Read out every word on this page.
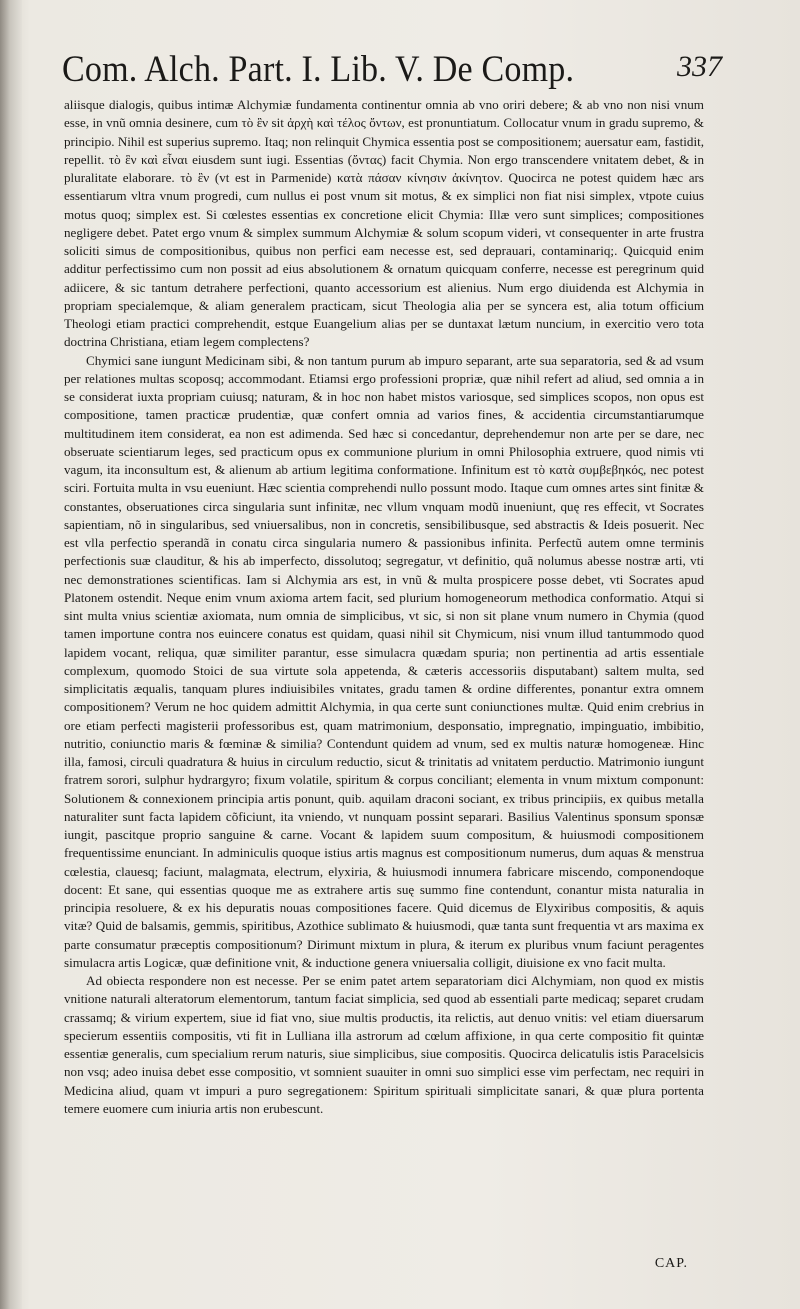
Com. Alch. Part. I. Lib. V. De Comp.	337

aliisque dialogis, quibus intimæ Alchymiæ fundamenta continentur omnia ab vno oriri debere; & ab vno non nisi vnum esse, in vnũ omnia desinere, cum τὸ ἓν sit ἀρχὴ καὶ τέλος ὄντων, est pronuntiatum. Collocatur vnum in gradu supremo, & principio. Nihil est superius supremo. Itaq; non relinquit Chymica essentia post se compositionem; auersatur eam, fastidit, repellit. τὸ ἓν καὶ εἶναι eiusdem sunt iugi. Essentias (ὄντας) facit Chymia. Non ergo transcendere vnitatem debet, & in pluralitate elaborare. τὸ ἓν (vt est in Parmenide) κατὰ πάσαν κίνησιν ἀκίνητον. Quocirca ne potest quidem hæc ars essentiarum vltra vnum progredi, cum nullus ei post vnum sit motus, & ex simplici non fiat nisi simplex, vtpote cuius motus quoq; simplex est. Si cœlestes essentias ex concretione elicit Chymia: Illæ vero sunt simplices; compositiones negligere debet. Patet ergo vnum & simplex summum Alchymiæ & solum scopum videri, vt consequenter in arte frustra soliciti simus de compositionibus, quibus non perfici eam necesse est, sed deprauari, contaminariq;. Quicquid enim additur perfectissimo cum non possit ad eius absolutionem & ornatum quicquam conferre, necesse est peregrinum quid adiicere, & sic tantum detrahere perfectioni, quanto accessorium est alienius. Num ergo diuidenda est Alchymia in propriam specialemque, & aliam generalem practicam, sicut Theologia alia per se syncera est, alia totum officium Theologi etiam practici comprehendit, estque Euangelium alias per se duntaxat lætum nuncium, in exercitio vero tota doctrina Christiana, etiam legem complectens?

Chymici sane iungunt Medicinam sibi, & non tantum purum ab impuro separant, arte sua separatoria, sed & ad vsum per relationes multas scoposq; accommodant. Etiamsi ergo professioni propriæ, quæ nihil refert ad aliud, sed omnia a in se considerat iuxta propriam cuiusq; naturam, & in hoc non habet mistos variosque, sed simplices scopos, non opus est compositione, tamen practicæ prudentiæ, quæ confert omnia ad varios fines, & accidentia circumstantiarumque multitudinem item considerat, ea non est adimenda. Sed hæc si concedantur, deprehendemur non arte per se dare, nec obseruate scientiarum leges, sed practicum opus ex communione plurium in omni Philosophia extruere, quod nimis vti vagum, ita inconsultum est, & alienum ab artium legitima conformatione. Infinitum est τὸ κατὰ συμβεβηκός, nec potest sciri. Fortuita multa in vsu eueniunt. Hæc scientia comprehendi nullo possunt modo. Itaque cum omnes artes sint finitæ & constantes, obseruationes circa singularia sunt infinitæ, nec vllum vnquam modũ inueniunt, quę res effecit, vt Socrates sapientiam, nõ in singularibus, sed vniuersalibus, non in concretis, sensibilibusque, sed abstractis & Ideis posuerit. Nec est vlla perfectio sperandã in conatu circa singularia numero & passionibus infinita. Perfectũ autem omne terminis perfectionis suæ clauditur, & his ab imperfecto, dissolutoq; segregatur, vt definitio, quã nolumus abesse nostræ arti, vti nec demonstrationes scientificas. Iam si Alchymia ars est, in vnũ & multa prospicere posse debet, vti Socrates apud Platonem ostendit. Neque enim vnum axioma artem facit, sed plurium homogeneorum methodica conformatio. Atqui si sint multa vnius scientiæ axiomata, num omnia de simplicibus, vt sic, si non sit plane vnum numero in Chymia (quod tamen importune contra nos euincere conatus est quidam, quasi nihil sit Chymicum, nisi vnum illud tantummodo quod lapidem vocant, reliqua, quæ similiter parantur, esse simulacra quædam spuria; non pertinentia ad artis essentiale complexum, quomodo Stoici de sua virtute sola appetenda, & cæteris accessoriis disputabant) saltem multa, sed simplicitatis æqualis, tanquam plures indiuisibiles vnitates, gradu tamen & ordine differentes, ponantur extra omnem compositionem? Verum ne hoc quidem admittit Alchymia, in qua certe sunt coniunctiones multæ. Quid enim crebrius in ore etiam perfecti magisterii professoribus est, quam matrimonium, desponsatio, impregnatio, impinguatio, imbibitio, nutritio, coniunctio maris & fœminæ & similia? Contendunt quidem ad vnum, sed ex multis naturæ homogeneæ. Hinc illa, famosi, circuli quadratura & huius in circulum reductio, sicut & trinitatis ad vnitatem perductio. Matrimonio iungunt fratrem sorori, sulphur hydrargyro; fixum volatile, spiritum & corpus conciliant; elementa in vnum mixtum componunt: Solutionem & connexionem principia artis ponunt, quib. aquilam draconi sociant, ex tribus principiis, ex quibus metalla naturaliter sunt facta lapidem cõficiunt, ita vniendo, vt nunquam possint separari. Basilius Valentinus sponsum sponsæ iungit, pascitque proprio sanguine & carne. Vocant & lapidem suum compositum, & huiusmodi compositionem frequentissime enunciant. In adminiculis quoque istius artis magnus est compositionum numerus, dum aquas & menstrua cœlestia, clauesq; faciunt, malagmata, electrum, elyxiria, & huiusmodi innumera fabricare miscendo, componendoque docent: Et sane, qui essentias quoque me as extrahere artis suę summo fine contendunt, conantur mista naturalia in principia resoluere, & ex his depuratis nouas compositiones facere. Quid dicemus de Elyxiribus compositis, & aquis vitæ? Quid de balsamis, gemmis, spiritibus, Azothice sublimato & huiusmodi, quæ tanta sunt frequentia vt ars maxima ex parte consumatur præceptis compositionum? Dirimunt mixtum in plura, & iterum ex pluribus vnum faciunt peragentes simulacra artis Logicæ, quæ definitione vnit, & inductione genera vniuersalia colligit, diuisione ex vno facit multa.

Ad obiecta respondere non est necesse. Per se enim patet artem separatoriam dici Alchymiam, non quod ex mistis vnitione naturali alteratorum elementorum, tantum faciat simplicia, sed quod ab essentiali parte medicaq; separet crudam crassamq; & virium expertem, siue id fiat vno, siue multis productis, ita relictis, aut denuo vnitis: vel etiam diuersarum specierum essentiis compositis, vti fit in Lulliana illa astrorum ad cœlum affixione, in qua certe compositio fit quintæ essentiæ generalis, cum specialium rerum naturis, siue simplicibus, siue compositis. Quocirca delicatulis istis Paracelsicis non vsq; adeo inuisa debet esse compositio, vt somnient suauiter in omni suo simplici esse vim perfectam, nec requiri in Medicina aliud, quam vt impuri a puro segregationem: Spiritum spirituali simplicitate sanari, & quæ plura portenta temere euomere cum iniuria artis non erubescunt.

CAP.
